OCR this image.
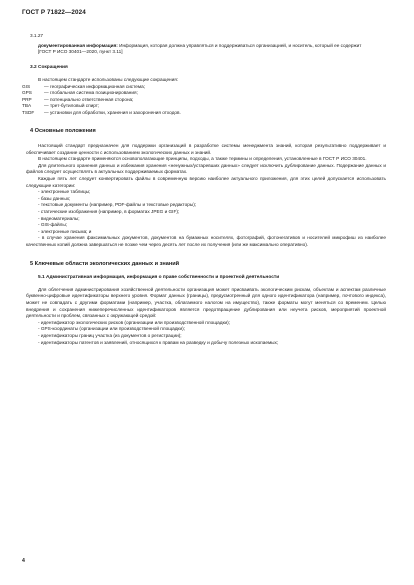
ГОСТ Р 71822—2024

3.1.27

документированная информация: Информация, которая должна управляться и поддерживаться организацией, и носитель, который ее содержит

[ГОСТ Р ИСО 30401—2020, пункт 3.11]

3.2 Сокращения

В настоящем стандарте использованы следующие сокращения:

GIS	— географическая информационная система;
GPS	— глобальная система позиционирования;
PRP	— потенциально ответственная сторона;
TBA	— трет-бутиловый спирт;
TSDF	— установки для обработки, хранения и захоронения отходов.

4 Основные положения

Настоящий стандарт предназначен для поддержки организаций в разработке системы менеджмента знаний, которая результативно поддерживает и обеспечивает создание ценности с использованием экологических данных и знаний.

В настоящем стандарте применяются основополагающие принципы, подходы, а также термины и определения, установленные в ГОСТ Р ИСО 30401.

Для длительного хранения данных и избежания хранения «ненужных/устаревших данных» следует исключить дублирование данных. Подержание данных и файлов следует осуществлять в актуальных поддерживаемых форматах.

Каждые пять лет следует конвертировать файлы в современную версию наиболее актуального приложения, для этих целей допускается использовать следующие категории:

- электронные таблицы;

- базы данных;

- текстовые документы (например, PDF-файлы и текстовые редакторы);

- статические изображения (например, в форматах JPEG и GIF);

- видеоматериалы;

- GIS-файлы;

- электронные письма; и

- в случае хранения факсимильных документов, документов на бумажных носителях, фотографий, фотонегативов и носителей микрофиш из наиболее качественных копий должна завершаться не позже чем через десять лет после их получения (или же максимально оперативно).

5 Ключевые области экологических данных и знаний

5.1 Административная информация, информация о праве собственности и проектной деятельности

Для облегчения администрирования хозяйственной деятельности организация может присваивать экологическим рискам, объектам и аспектам различные буквенно-цифровые идентификаторы верхнего уровня. Формат данных (границы), предусмотренный для одного идентификатора (например, почтового индекса), может не совпадать с другими форматами (например, участка, облагаемого налогом на имущество), также форматы могут меняться со временем. Целью внедрения и сохранения нижеперечисленных идентификаторов является предотвращение дублирования или неучета рисков, мероприятий проектной деятельности и проблем, связанных с окружающей средой:

- идентификатор экологических рисков (организации или производственной площадки);

- GPS-координаты (организации или производственной площадки);

- идентификаторы границ участка (из документов о регистрации);

- идентификаторы патентов и заявлений, относящихся к правам на разведку и добычу полезных ископаемых;

4
